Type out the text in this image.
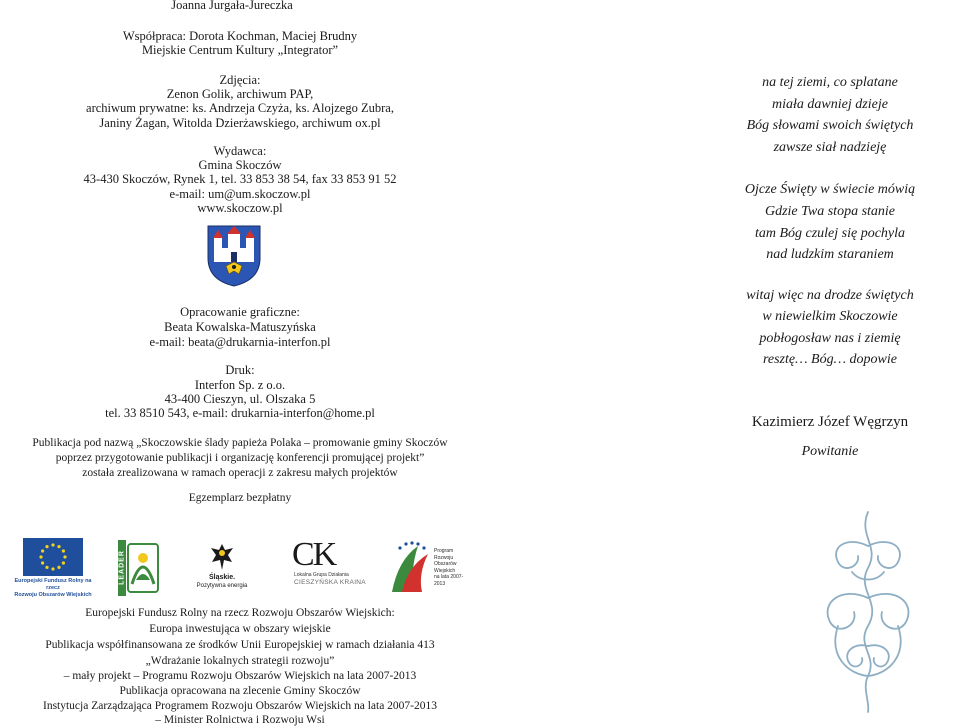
Joanna Jurgała-Jureczka
Współpraca: Dorota Kochman, Maciej Brudny
Miejskie Centrum Kultury „Integrator”
Zdjęcia:
Zenon Golik, archiwum PAP,
archiwum prywatne: ks. Andrzeja Czyża, ks. Alojzego Zubra,
Janiny Żagan, Witolda Dzierżawskiego, archiwum ox.pl
Wydawca:
Gmina Skoczów
43-430 Skoczów, Rynek 1, tel. 33 853 38 54, fax 33 853 91 52
e-mail: um@um.skoczow.pl
www.skoczow.pl
Opracowanie graficzne:
Beata Kowalska-Matuszyńska
e-mail: beata@drukarnia-interfon.pl
Druk:
Interfon Sp. z o.o.
43-400 Cieszyn, ul. Olszaka 5
tel. 33 8510 543, e-mail: drukarnia-interfon@home.pl
Publikacja pod nazwą „Skoczowskie ślady papieża Polaka – promowanie gminy Skoczów
poprzez przygotowanie publikacji i organizację konferencji promującej projekt”
została zrealizowana w ramach operacji z zakresu małych projektów
Egzemplarz bezpłatny
Europejski Fundusz Rolny na rzecz
Rozwoju Obszarów Wiejskich
LEADER	Śląskie.
Pozytywna energia
CK
Lokalna Grupa Działania
CIESZYŃSKA KRAINA
Program
Rozwoju
Obszarów
Wiejskich
na lata 2007-2013
Europejski Fundusz Rolny na rzecz Rozwoju Obszarów Wiejskich:
Europa inwestująca w obszary wiejskie
Publikacja współfinansowana ze środków Unii Europejskiej w ramach działania 413
„Wdrażanie lokalnych strategii rozwoju”
– mały projekt – Programu Rozwoju Obszarów Wiejskich na lata 2007-2013
Publikacja opracowana na zlecenie Gminy Skoczów
Instytucja Zarządzająca Programem Rozwoju Obszarów Wiejskich na lata 2007-2013
– Minister Rolnictwa i Rozwoju Wsi
na tej ziemi, co splatane
miała dawniej dzieje
Bóg słowami swoich świętych
zawsze siał nadzieję
Ojcze Święty w świecie mówią
Gdzie Twa stopa stanie
tam Bóg czulej się pochyla
nad ludzkim staraniem
witaj więc na drodze świętych
w niewielkim Skoczowie
pobłogosław nas i ziemię
resztę… Bóg… dopowie
Kazimierz Józef Węgrzyn
Powitanie
